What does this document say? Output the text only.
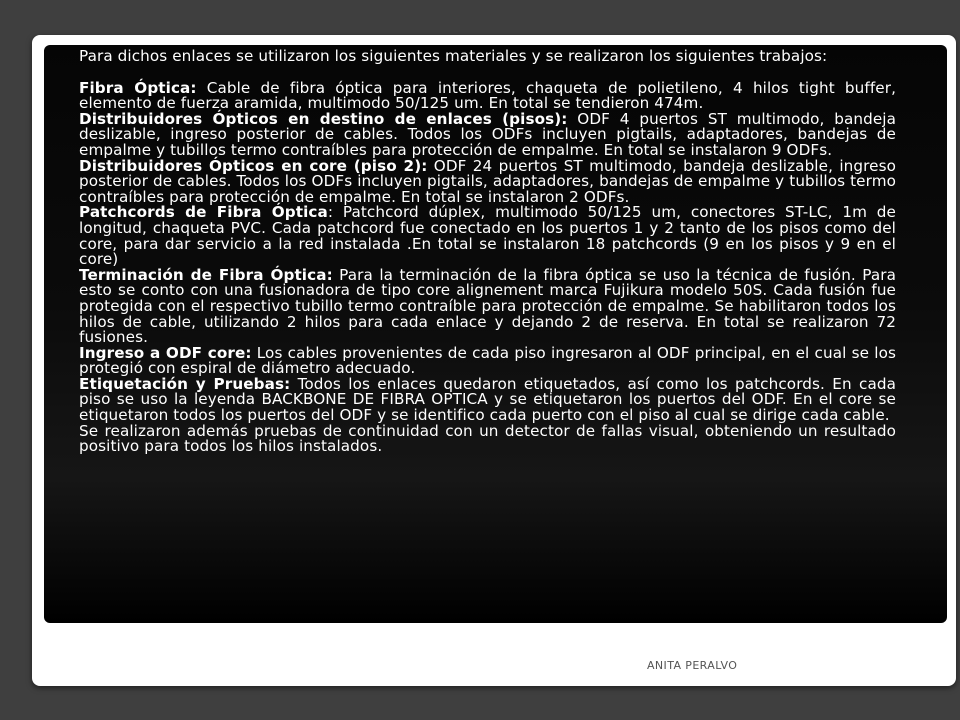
Para dichos enlaces se utilizaron los siguientes materiales y se realizaron los siguientes trabajos:

Fibra Óptica: Cable de fibra óptica para interiores, chaqueta de polietileno, 4 hilos tight buffer, elemento de fuerza aramida, multimodo 50/125 um. En total se tendieron 474m.

Distribuidores Ópticos en destino de enlaces (pisos): ODF 4 puertos ST multimodo, bandeja deslizable, ingreso posterior de cables. Todos los ODFs incluyen pigtails, adaptadores, bandejas de empalme y tubillos termo contraíbles para protección de empalme. En total se instalaron 9 ODFs.

Distribuidores Ópticos en core (piso 2): ODF 24 puertos ST multimodo, bandeja deslizable, ingreso posterior de cables. Todos los ODFs incluyen pigtails, adaptadores, bandejas de empalme y tubillos termo contraíbles para protección de empalme. En total se instalaron 2 ODFs.

Patchcords de Fibra Óptica: Patchcord dúplex, multimodo 50/125 um, conectores ST-LC, 1m de longitud, chaqueta PVC. Cada patchcord fue conectado en los puertos 1 y 2 tanto de los pisos como del core, para dar servicio a la red instalada .En total se instalaron 18 patchcords (9 en los pisos y 9 en el core)

Terminación de Fibra Óptica: Para la terminación de la fibra óptica se uso la técnica de fusión. Para esto se conto con una fusionadora de tipo core alignement marca Fujikura modelo 50S. Cada fusión fue protegida con el respectivo tubillo termo contraíble para protección de empalme. Se habilitaron todos los hilos de cable, utilizando 2 hilos para cada enlace y dejando 2 de reserva. En total se realizaron 72 fusiones.

Ingreso a ODF core: Los cables provenientes de cada piso ingresaron al ODF principal, en el cual se los protegió con espiral de diámetro adecuado.

Etiquetación y Pruebas: Todos los enlaces quedaron etiquetados, así como los patchcords. En cada piso se uso la leyenda BACKBONE DE FIBRA OPTICA y se etiquetaron los puertos del ODF. En el core se etiquetaron todos los puertos del ODF y se identifico cada puerto con el piso al cual se dirige cada cable.

Se realizaron además pruebas de continuidad con un detector de fallas visual, obteniendo un resultado positivo para todos los hilos instalados.

ANITA PERALVO
